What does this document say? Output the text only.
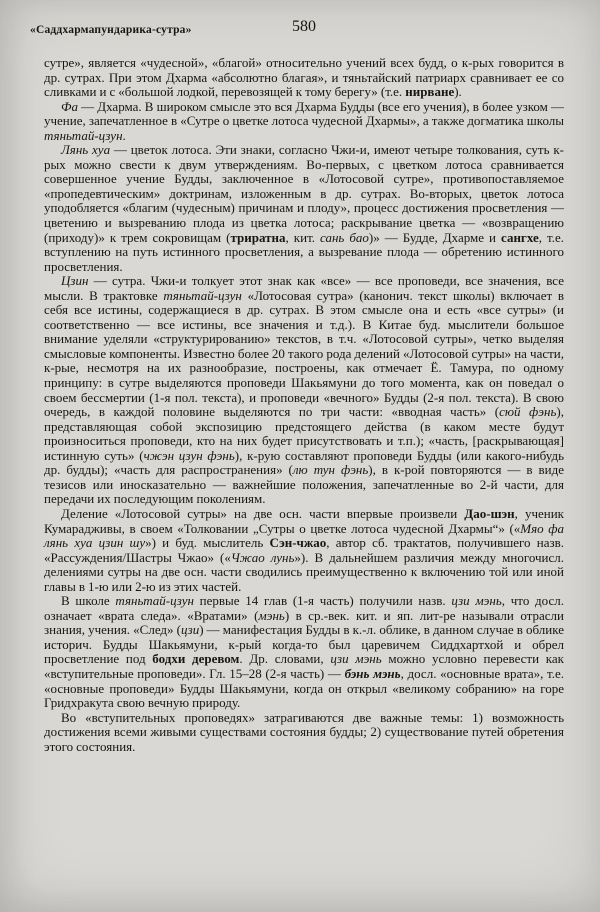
«Саддхармапундарика-сутра»	580

сутре», является «чудесной», «благой» относительно учений всех будд, о к-рых говорится в др. сутрах. При этом Дхарма «абсолютно благая», и тяньтайский патриарх сравнивает ее со сливками и с «большой лодкой, перевозящей к тому берегу» (т.е. нирване).

Фа — Дхарма. В широком смысле это вся Дхарма Будды (все его учения), в более узком — учение, запечатленное в «Сутре о цветке лотоса чудесной Дхармы», а также догматика школы тяньтай-цзун.

Лянь хуа — цветок лотоса. Эти знаки, согласно Чжи-и, имеют четыре толкования, суть к-рых можно свести к двум утверждениям. Во-первых, с цветком лотоса сравнивается совершенное учение Будды, заключенное в «Лотосовой сутре», противопоставляемое «пропедевтическим» доктринам, изложенным в др. сутрах. Во-вторых, цветок лотоса уподобляется «благим (чудесным) причинам и плоду», процесс достижения просветления — цветению и вызреванию плода из цветка лотоса; раскрывание цветка — «возвращению (приходу)» к трем сокровищам (триратна, кит. сань бао)» — Будде, Дхарме и сангхе, т.е. вступлению на путь истинного просветления, а вызревание плода — обретению истинного просветления.

Цзин — сутра. Чжи-и толкует этот знак как «все» — все проповеди, все значения, все мысли. В трактовке тяньтай-цзун «Лотосовая сутра» (канонич. текст школы) включает в себя все истины, содержащиеся в др. сутрах. В этом смысле она и есть «все сутры» (и соответственно — все истины, все значения и т.д.). В Китае буд. мыслители большое внимание уделяли «структурированию» текстов, в т.ч. «Лотосовой сутры», четко выделяя смысловые компоненты. Известно более 20 такого рода делений «Лотосовой сутры» на части, к-рые, несмотря на их разнообразие, построены, как отмечает Ё. Тамура, по одному принципу: в сутре выделяются проповеди Шакьямуни до того момента, как он поведал о своем бессмертии (1-я пол. текста), и проповеди «вечного» Будды (2-я пол. текста). В свою очередь, в каждой половине выделяются по три части: «вводная часть» (сюй фэнь), представляющая собой экспозицию предстоящего действа (в каком месте будут произноситься проповеди, кто на них будет присутствовать и т.п.); «часть, [раскрывающая] истинную суть» (чжэн цзун фэнь), к-рую составляют проповеди Будды (или какого-нибудь др. будды); «часть для распространения» (лю тун фэнь), в к-рой повторяются — в виде тезисов или иносказательно — важнейшие положения, запечатленные во 2-й части, для передачи их последующим поколениям.

Деление «Лотосовой сутры» на две осн. части впервые произвели Дао-шэн, ученик Кумарадживы, в своем «Толковании „Сутры о цветке лотоса чудесной Дхармы“» («Мяо фа лянь хуа цзин шу») и буд. мыслитель Сэн-чжао, автор сб. трактатов, получившего назв. «Рассуждения/Шастры Чжао» («Чжао лунь»). В дальнейшем различия между многочисл. делениями сутры на две осн. части сводились преимущественно к включению той или иной главы в 1-ю или 2-ю из этих частей.

В школе тяньтай-цзун первые 14 глав (1-я часть) получили назв. цзи мэнь, что досл. означает «врата следа». «Вратами» (мэнь) в ср.-век. кит. и яп. лит-ре называли отрасли знания, учения. «След» (цзи) — манифестация Будды в к.-л. облике, в данном случае в облике историч. Будды Шакьямуни, к-рый когда-то был царевичем Сиддхартхой и обрел просветление под бодхи деревом. Др. словами, цзи мэнь можно условно перевести как «вступительные проповеди». Гл. 15–28 (2-я часть) — бэнь мэнь, досл. «основные врата», т.е. «основные проповеди» Будды Шакьямуни, когда он открыл «великому собранию» на горе Гридхракута свою вечную природу.

Во «вступительных проповедях» затрагиваются две важные темы: 1) возможность достижения всеми живыми существами состояния будды; 2) существование путей обретения этого состояния.
